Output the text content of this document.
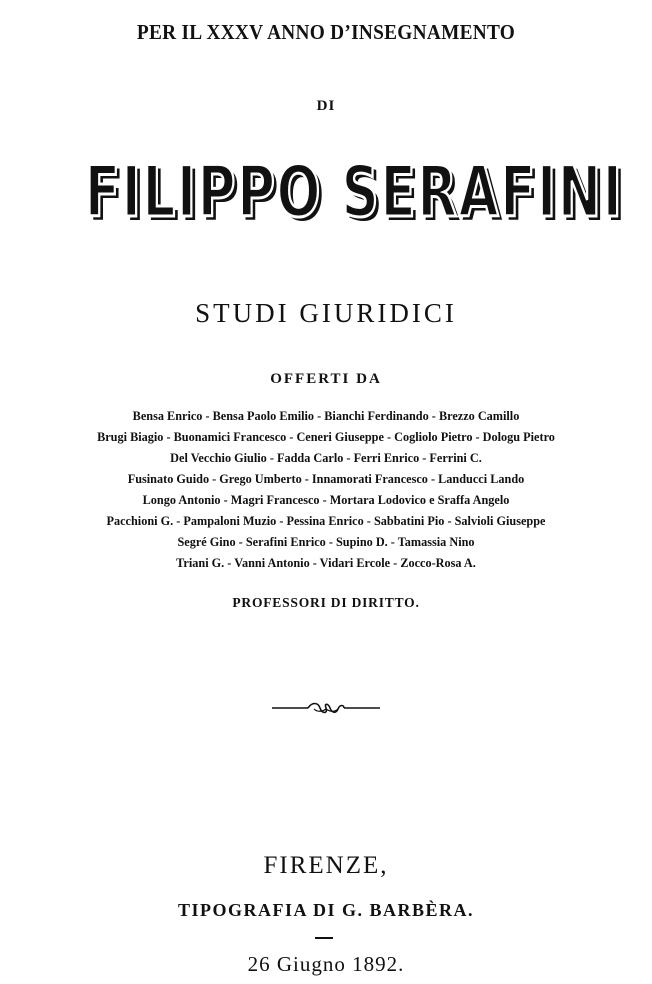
PER IL XXXV ANNO D’INSEGNAMENTO
DI
FILIPPO SERAFINI
STUDI GIURIDICI
OFFERTI DA
Bensa Enrico - Bensa Paolo Emilio - Bianchi Ferdinando - Brezzo Camillo
Brugi Biagio - Buonamici Francesco - Ceneri Giuseppe - Cogliolo Pietro - Dologu Pietro
Del Vecchio Giulio - Fadda Carlo - Ferri Enrico - Ferrini C.
Fusinato Guido - Grego Umberto - Innamorati Francesco - Landucci Lando
Longo Antonio - Magri Francesco - Mortara Lodovico e Sraffa Angelo
Pacchioni G. - Pampaloni Muzio - Pessina Enrico - Sabbatini Pio - Salvioli Giuseppe
Segré Gino - Serafini Enrico - Supino D. - Tamassia Nino
Triani G. - Vanni Antonio - Vidari Ercole - Zocco-Rosa A.
PROFESSORI DI DIRITTO.
FIRENZE,
TIPOGRAFIA DI G. BARBÈRA.
26 Giugno 1892.
